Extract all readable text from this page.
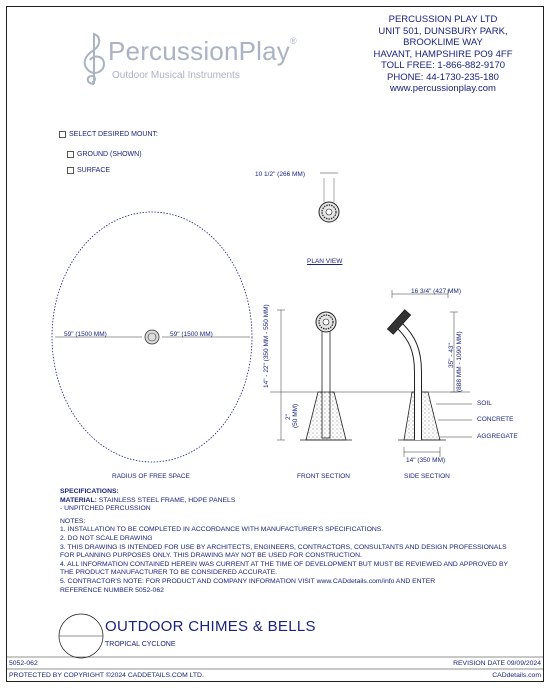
PercussionPlay®
Outdoor Musical Instruments
PERCUSSION PLAY LTD
UNIT 501, DUNSBURY PARK,
BROOKLIME WAY
HAVANT, HAMPSHIRE PO9 4FF
TOLL FREE: 1-866-882-9170
PHONE: 44-1730-235-180
www.percussionplay.com
SELECT DESIRED MOUNT:
GROUND (SHOWN)
SURFACE
10 1/2" (266 MM)
59" (1500 MM)	59" (1500 MM)	14" - 22" (350 MM - 550 MM)
2" (50 MM)
14" (350 MM)
16 3/4" (427 MM)
35" - 43" (888 MM - 1090 MM)
SOIL
CONCRETE
AGGREGATE
PLAN VIEW
RADIUS OF FREE SPACE	FRONT SECTION	SIDE SECTION
SPECIFICATIONS:
MATERIAL: STAINLESS STEEL FRAME, HDPE PANELS
- UNPITCHED PERCUSSION
NOTES:
1. INSTALLATION TO BE COMPLETED IN ACCORDANCE WITH MANUFACTURER'S SPECIFICATIONS.
2. DO NOT SCALE DRAWING
3. THIS DRAWING IS INTENDED FOR USE BY ARCHITECTS, ENGINEERS, CONTRACTORS, CONSULTANTS AND DESIGN PROFESSIONALS
FOR PLANNING PURPOSES ONLY. THIS DRAWING MAY NOT BE USED FOR CONSTRUCTION.
4. ALL INFORMATION CONTAINED HEREIN WAS CURRENT AT THE TIME OF DEVELOPMENT BUT MUST BE REVIEWED AND APPROVED BY
THE PRODUCT MANUFACTURER TO BE CONSIDERED ACCURATE.
5. CONTRACTOR'S NOTE: FOR PRODUCT AND COMPANY INFORMATION VISIT www.CADdetails.com/info AND ENTER
REFERENCE NUMBER 5052-062
OUTDOOR CHIMES & BELLS
TROPICAL CYCLONE
5052-062	REVISION DATE 09/09/2024
PROTECTED BY COPYRIGHT ©2024 CADDETAILS.COM LTD.	CADdetails.com
